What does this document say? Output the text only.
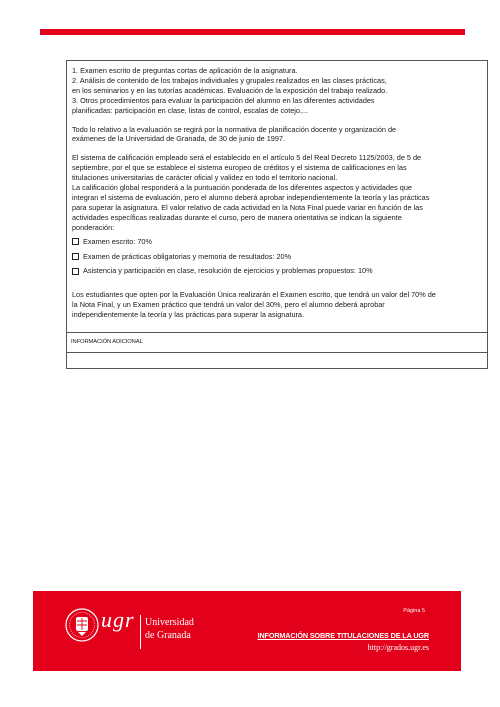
1. Examen escrito de preguntas cortas de aplicación de la asignatura.

2. Análisis de contenido de los trabajos individuales y grupales realizados en las clases prácticas,

en los seminarios y en las tutorías académicas. Evaluación de la exposición del trabajo realizado.

3. Otros procedimientos para evaluar la participación del alumno en las diferentes actividades

planificadas: participación en clase, listas de control, escalas de cotejo,...

Todo lo relativo a la evaluación se regirá por la normativa de planificación docente y organización de

exámenes de la Universidad de Granada, de 30 de junio de 1997.

El sistema de calificación empleado será el establecido en el artículo 5 del Real Decreto 1125/2003, de 5 de

septiembre, por el que se establece el sistema europeo de créditos y el sistema de calificaciones en las

titulaciones universitarias de carácter oficial y validez en todo el territorio nacional.

La calificación global responderá a la puntuación ponderada de los diferentes aspectos y actividades que

integran el sistema de evaluación, pero el alumno deberá aprobar independientemente la teoría y las prácticas

para superar la asignatura. El valor relativo de cada actividad en la Nota Final puede variar en función de las

actividades específicas realizadas durante el curso, pero de manera orientativa se indican la siguiente

ponderación:

Examen escrito: 70%
Examen de prácticas obligatorias y memoria de resultados: 20%
Asistencia y participación en clase, resolución de ejercicios y problemas propuestos: 10%

Los estudiantes que opten por la Evaluación Única realizarán el Examen escrito, que tendrá un valor del 70% de

la Nota Final, y un Examen práctico que tendrá un valor del 30%, pero el alumno deberá aprobar

independientemente la teoría y las prácticas para superar la asignatura.

INFORMACIÓN ADICIONAL
ugr Universidad
de Granada
Página 5
INFORMACIÓN SOBRE TITULACIONES DE LA UGR
http://grados.ugr.es
